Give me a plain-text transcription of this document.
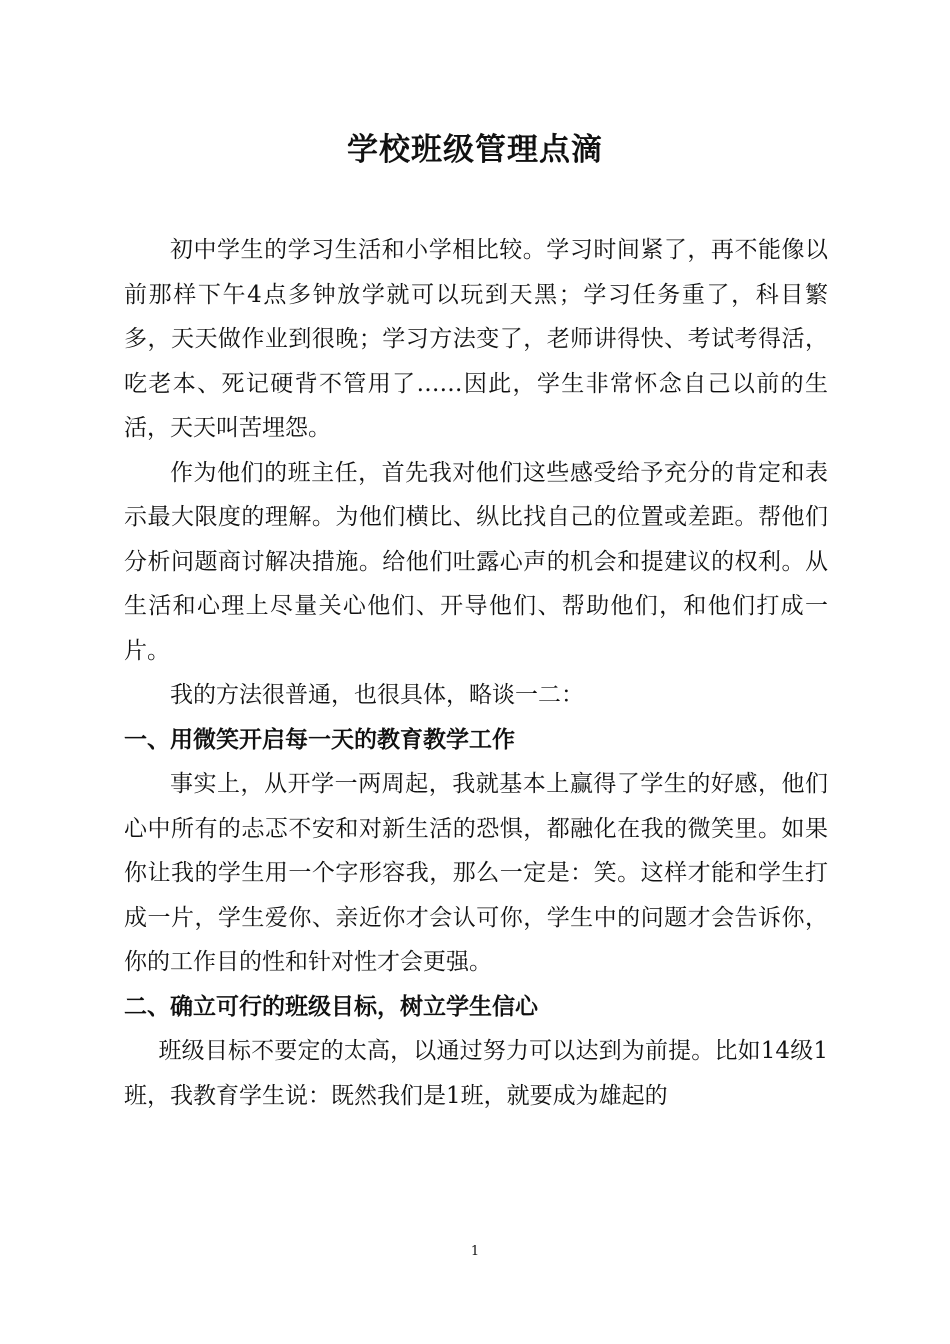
学校班级管理点滴

初中学生的学习生活和小学相比较。学习时间紧了，再不能像以前那样下午4点多钟放学就可以玩到天黑；学习任务重了，科目繁多，天天做作业到很晚；学习方法变了，老师讲得快、考试考得活，吃老本、死记硬背不管用了……因此，学生非常怀念自己以前的生活，天天叫苦埋怨。

作为他们的班主任，首先我对他们这些感受给予充分的肯定和表示最大限度的理解。为他们横比、纵比找自己的位置或差距。帮他们分析问题商讨解决措施。给他们吐露心声的机会和提建议的权利。从生活和心理上尽量关心他们、开导他们、帮助他们，和他们打成一片。

我的方法很普通，也很具体，略谈一二：

一、用微笑开启每一天的教育教学工作

事实上，从开学一两周起，我就基本上赢得了学生的好感，他们心中所有的忐忑不安和对新生活的恐惧，都融化在我的微笑里。如果你让我的学生用一个字形容我，那么一定是：笑。这样才能和学生打成一片，学生爱你、亲近你才会认可你，学生中的问题才会告诉你，你的工作目的性和针对性才会更强。

二、确立可行的班级目标，树立学生信心

班级目标不要定的太高，以通过努力可以达到为前提。比如14级1班，我教育学生说：既然我们是1班，就要成为雄起的

1
